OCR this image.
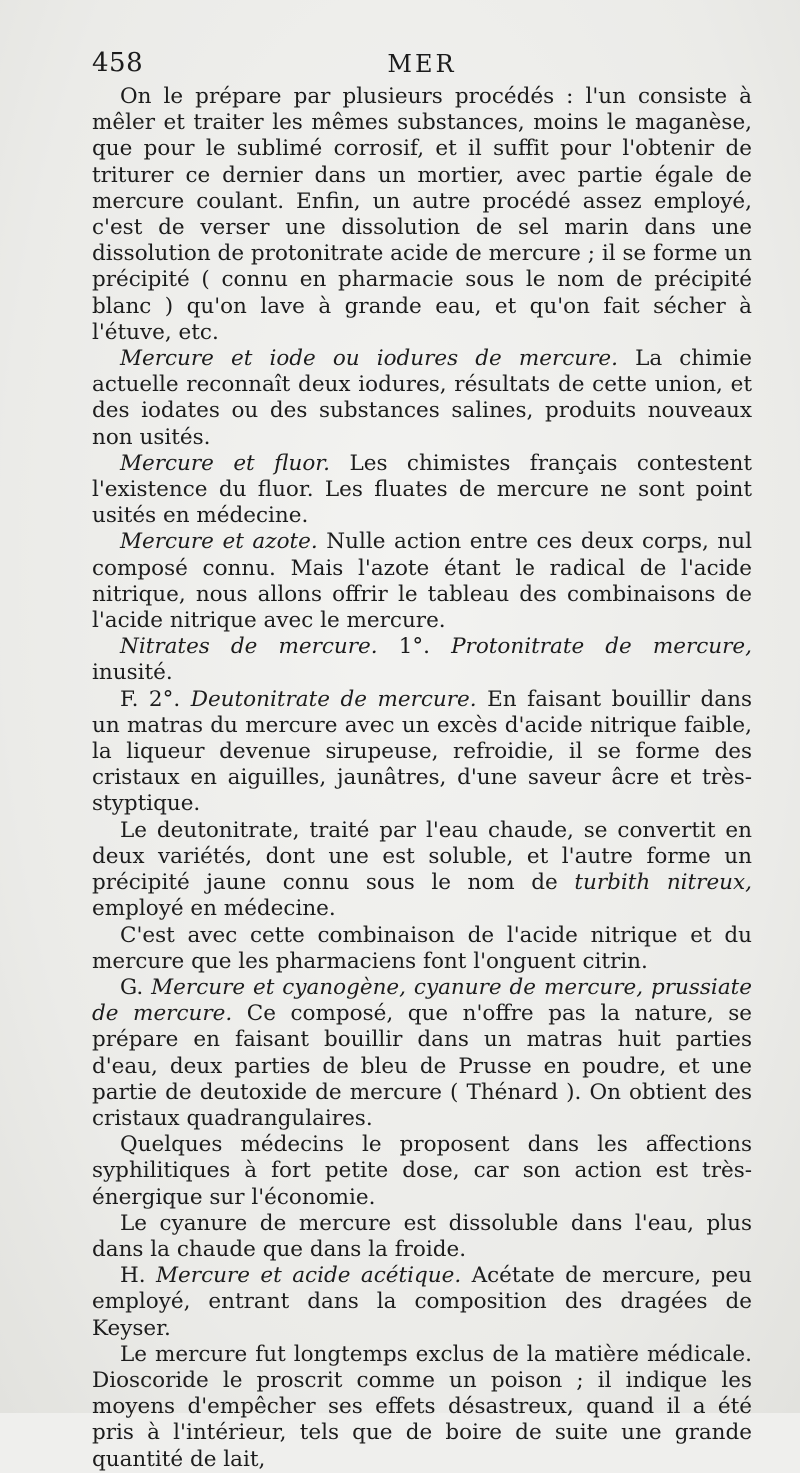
458	MER

On le prépare par plusieurs procédés : l'un consiste à mêler et traiter les mêmes substances, moins le maganèse, que pour le sublimé corrosif, et il suffit pour l'obtenir de triturer ce dernier dans un mortier, avec partie égale de mercure coulant. Enfin, un autre procédé assez employé, c'est de verser une dissolution de sel marin dans une dissolution de protonitrate acide de mercure ; il se forme un précipité ( connu en pharmacie sous le nom de précipité blanc ) qu'on lave à grande eau, et qu'on fait sécher à l'étuve, etc.

Mercure et iode ou iodures de mercure. La chimie actuelle reconnaît deux iodures, résultats de cette union, et des iodates ou des substances salines, produits nouveaux non usités.

Mercure et fluor. Les chimistes français contestent l'existence du fluor. Les fluates de mercure ne sont point usités en médecine.

Mercure et azote. Nulle action entre ces deux corps, nul composé connu. Mais l'azote étant le radical de l'acide nitrique, nous allons offrir le tableau des combinaisons de l'acide nitrique avec le mercure.

Nitrates de mercure. 1°. Protonitrate de mercure, inusité.

F. 2°. Deutonitrate de mercure. En faisant bouillir dans un matras du mercure avec un excès d'acide nitrique faible, la liqueur devenue sirupeuse, refroidie, il se forme des cristaux en aiguilles, jaunâtres, d'une saveur âcre et très-styptique.

Le deutonitrate, traité par l'eau chaude, se convertit en deux variétés, dont une est soluble, et l'autre forme un précipité jaune connu sous le nom de turbith nitreux, employé en médecine.

C'est avec cette combinaison de l'acide nitrique et du mercure que les pharmaciens font l'onguent citrin.

G. Mercure et cyanogène, cyanure de mercure, prussiate de mercure. Ce composé, que n'offre pas la nature, se prépare en faisant bouillir dans un matras huit parties d'eau, deux parties de bleu de Prusse en poudre, et une partie de deutoxide de mercure ( Thénard ). On obtient des cristaux quadrangulaires.

Quelques médecins le proposent dans les affections syphilitiques à fort petite dose, car son action est très-énergique sur l'économie.

Le cyanure de mercure est dissoluble dans l'eau, plus dans la chaude que dans la froide.

H. Mercure et acide acétique. Acétate de mercure, peu employé, entrant dans la composition des dragées de Keyser.

Le mercure fut longtemps exclus de la matière médicale. Dioscoride le proscrit comme un poison ; il indique les moyens d'empêcher ses effets désastreux, quand il a été pris à l'intérieur, tels que de boire de suite une grande quantité de lait,
